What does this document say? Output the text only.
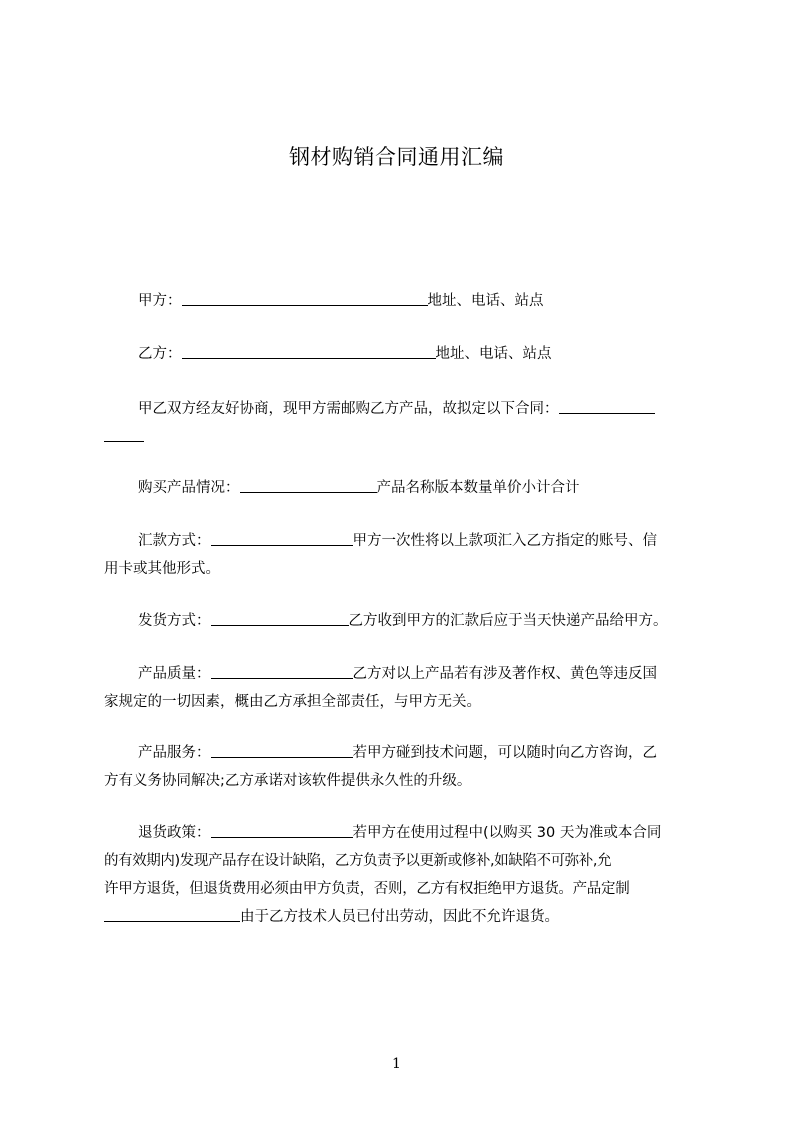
钢材购销合同通用汇编
甲方：	地址、电话、站点
乙方：	地址、电话、站点
甲乙双方经友好协商，现甲方需邮购乙方产品，故拟定以下合同：
购买产品情况：	产品名称版本数量单价小计合计
汇款方式：	甲方一次性将以上款项汇入乙方指定的账号、信
用卡或其他形式。
发货方式：	乙方收到甲方的汇款后应于当天快递产品给甲方。
产品质量：	乙方对以上产品若有涉及著作权、黄色等违反国
家规定的一切因素，概由乙方承担全部责任，与甲方无关。
产品服务：	若甲方碰到技术问题，可以随时向乙方咨询，乙
方有义务协同解决;乙方承诺对该软件提供永久性的升级。
退货政策：	若甲方在使用过程中(以购买 30 天为准或本合同
的有效期内)发现产品存在设计缺陷，乙方负责予以更新或修补,如缺陷不可弥补,允
许甲方退货，但退货费用必须由甲方负责，否则，乙方有权拒绝甲方退货。产品定制
由于乙方技术人员已付出劳动，因此不允许退货。
1
